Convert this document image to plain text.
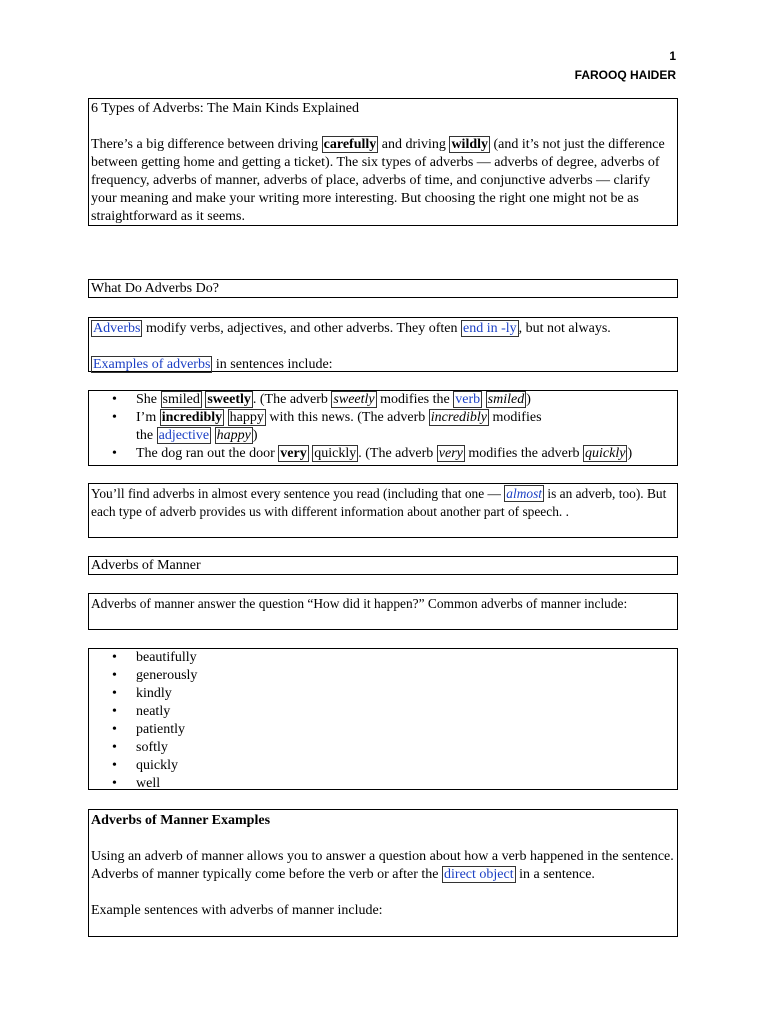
1
FAROOQ HAIDER

6 Types of Adverbs: The Main Kinds Explained

There’s a big difference between driving carefully and driving wildly (and it’s not just the difference between getting home and getting a ticket). The six types of adverbs — adverbs of degree, adverbs of frequency, adverbs of manner, adverbs of place, adverbs of time, and conjunctive adverbs — clarify your meaning and make your writing more interesting. But choosing the right one might not be as straightforward as it seems.

What Do Adverbs Do?

Adverbs modify verbs, adjectives, and other adverbs. They often end in -ly , but not always.

Examples of adverbs in sentences include:

• She smiled sweetly . (The adverb sweetly modifies the verb smiled )
• I’m incredibly happy with this news. (The adverb incredibly modifies
the adjective happy )
• The dog ran out the door very quickly . (The adverb very modifies the adverb quickly )

You’ll find adverbs in almost every sentence you read (including that one — almost is an adverb, too). But each type of adverb provides us with different information about another part of speech. .

Adverbs of Manner

Adverbs of manner answer the question “How did it happen?” Common adverbs of manner include:

• beautifully
• generously
• kindly
• neatly
• patiently
• softly
• quickly
• well

Adverbs of Manner Examples

Using an adverb of manner allows you to answer a question about how a verb happened in the sentence. Adverbs of manner typically come before the verb or after the direct object in a sentence.

Example sentences with adverbs of manner include:
